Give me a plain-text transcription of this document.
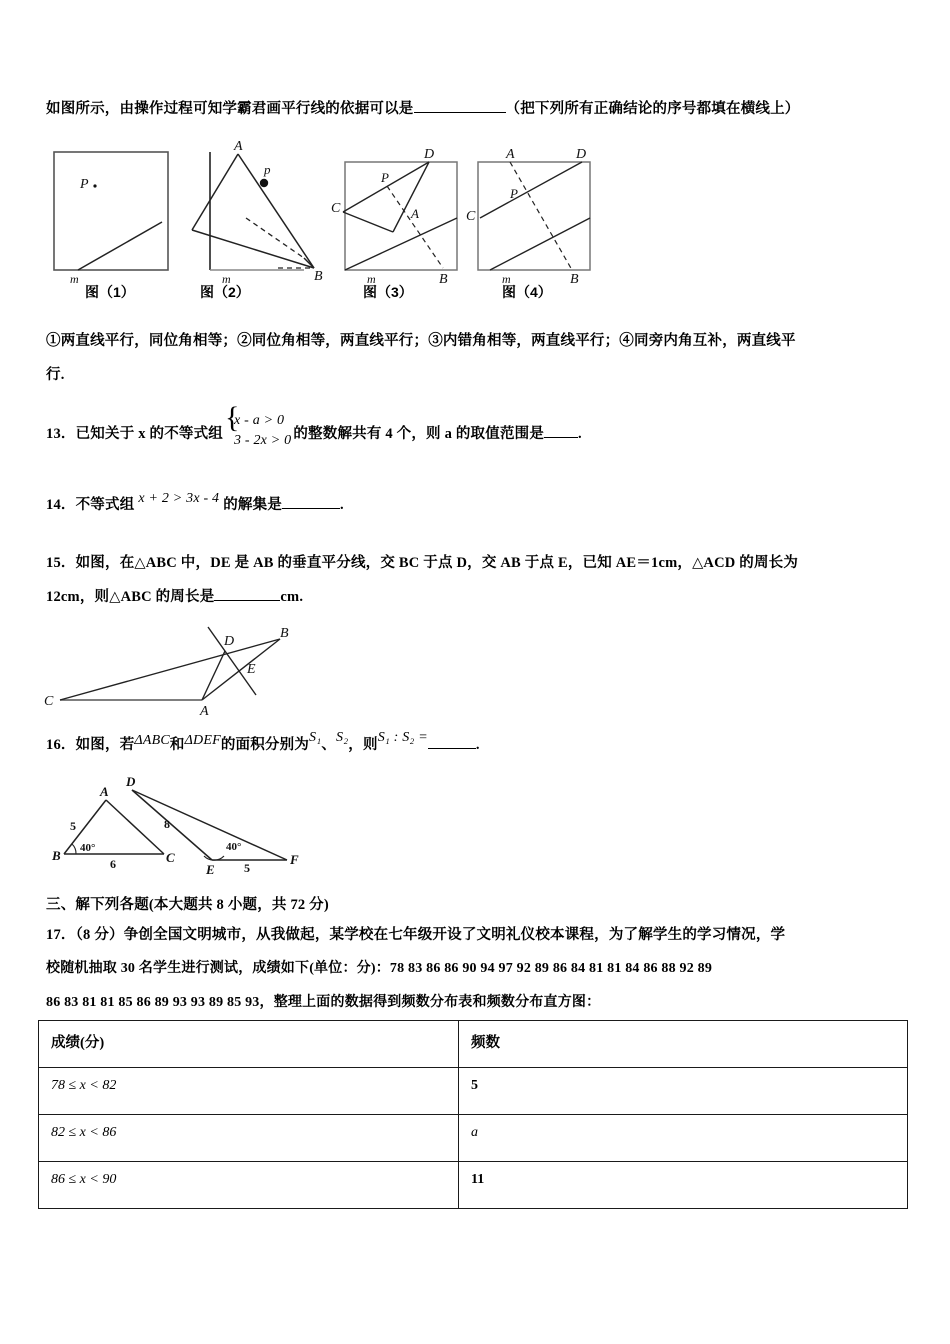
如图所示，由操作过程可知学霸君画平行线的依据可以是	（把下列所有正确结论的序号都填在横线上）
P
m
p
A
B
m
D
P
C	A
m	B
A	D
P
C
m	B
图（1）	图（2）	图（3）	图（4）
①两直线平行，同位角相等；②同位角相等，两直线平行；③内错角相等，两直线平行；④同旁内角互补，两直线平
行.
13．已知关于 x 的不等式组 {
x - a > 0
3 - 2x > 0 的整数解共有 4 个，则 a 的取值范围是 .
14．不等式组 x + 2 > 3x - 4 的解集是	.
15．如图，在△ABC 中，DE 是 AB 的垂直平分线，交 BC 于点 D，交 AB 于点 E，已知 AE＝1cm，△ACD 的周长为
12cm，则△ABC 的周长是	cm.
C
A
B
D
E
16．如图，若ΔABC和ΔDEF的面积分别为S₁、S₂，则S₁ : S₂ =	.
B
A
C
5
6
40°
D
E
F
8
5
40°
三、解下列各题(本大题共 8 小题，共 72 分)
17．（8 分）争创全国文明城市，从我做起，某学校在七年级开设了文明礼仪校本课程，为了解学生的学习情况，学
校随机抽取 30 名学生进行测试，成绩如下(单位：分)：78 83 86 86 90 94 97 92 89 86 84 81 81 84 86 88 92 89
86 83 81 81 85 86 89 93 93 89 85 93，整理上面的数据得到频数分布表和频数分布直方图：
成绩(分)	频数
78 ≤ x < 82	5
82 ≤ x < 86	a
86 ≤ x < 90	11
